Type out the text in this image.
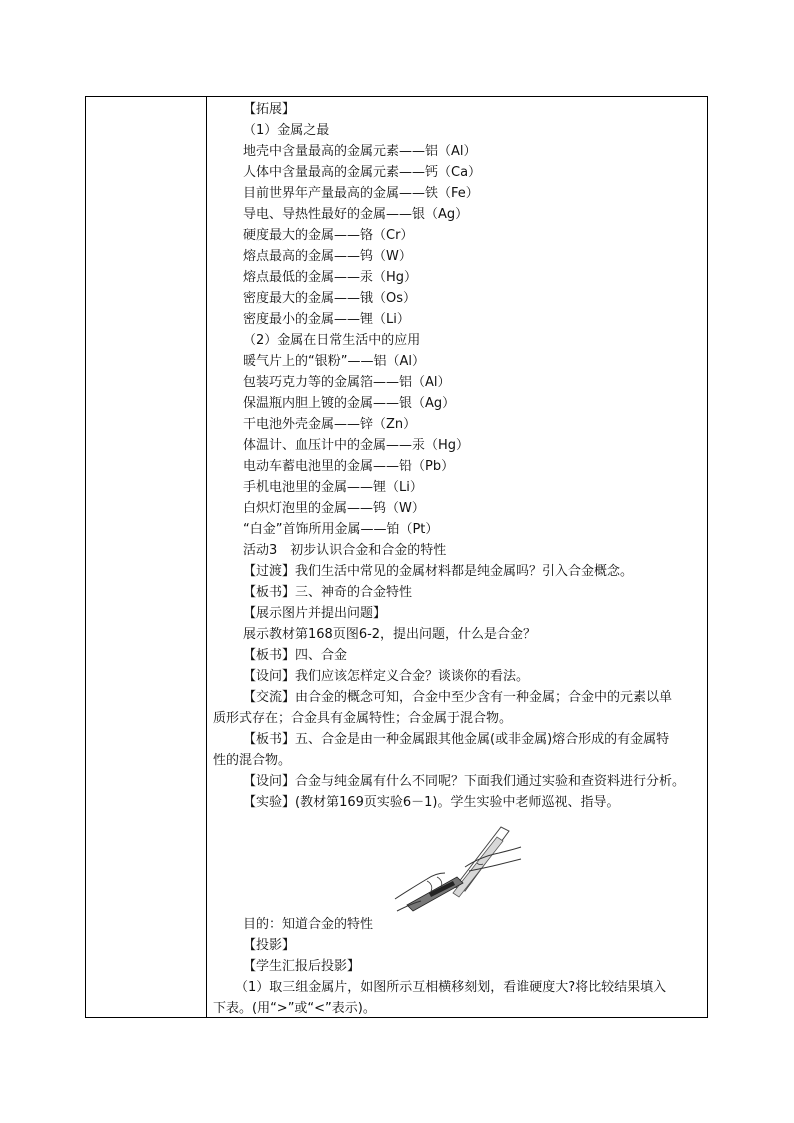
【拓展】
（1）金属之最
地壳中含量最高的金属元素——铝（Al）
人体中含量最高的金属元素——钙（Ca）
目前世界年产量最高的金属——铁（Fe）
导电、导热性最好的金属——银（Ag）
硬度最大的金属——铬（Cr）
熔点最高的金属——钨（W）
熔点最低的金属——汞（Hg）
密度最大的金属——锇（Os）
密度最小的金属——锂（Li）
（2）金属在日常生活中的应用
暖气片上的“银粉”——铝（Al）
包装巧克力等的金属箔——铝（Al）
保温瓶内胆上镀的金属——银（Ag）
干电池外壳金属——锌（Zn）
体温计、血压计中的金属——汞（Hg）
电动车蓄电池里的金属——铅（Pb）
手机电池里的金属——锂（Li）
白炽灯泡里的金属——钨（W）
“白金”首饰所用金属——铂（Pt）
活动3　初步认识合金和合金的特性
【过渡】我们生活中常见的金属材料都是纯金属吗？引入合金概念。
【板书】三、神奇的合金特性
【展示图片并提出问题】
展示教材第168页图6-2，提出问题，什么是合金？
【板书】四、合金
【设问】我们应该怎样定义合金？谈谈你的看法。
【交流】由合金的概念可知，合金中至少含有一种金属；合金中的元素以单
质形式存在；合金具有金属特性；合金属于混合物。
【板书】五、合金是由一种金属跟其他金属(或非金属)熔合形成的有金属特
性的混合物。
【设问】合金与纯金属有什么不同呢？下面我们通过实验和查资料进行分析。
【实验】(教材第169页实验6－1)。学生实验中老师巡视、指导。
目的：知道合金的特性
【投影】
【学生汇报后投影】
（1）取三组金属片，如图所示互相横移刻划，看谁硬度大?将比较结果填入
下表。(用“>”或“<”表示)。
